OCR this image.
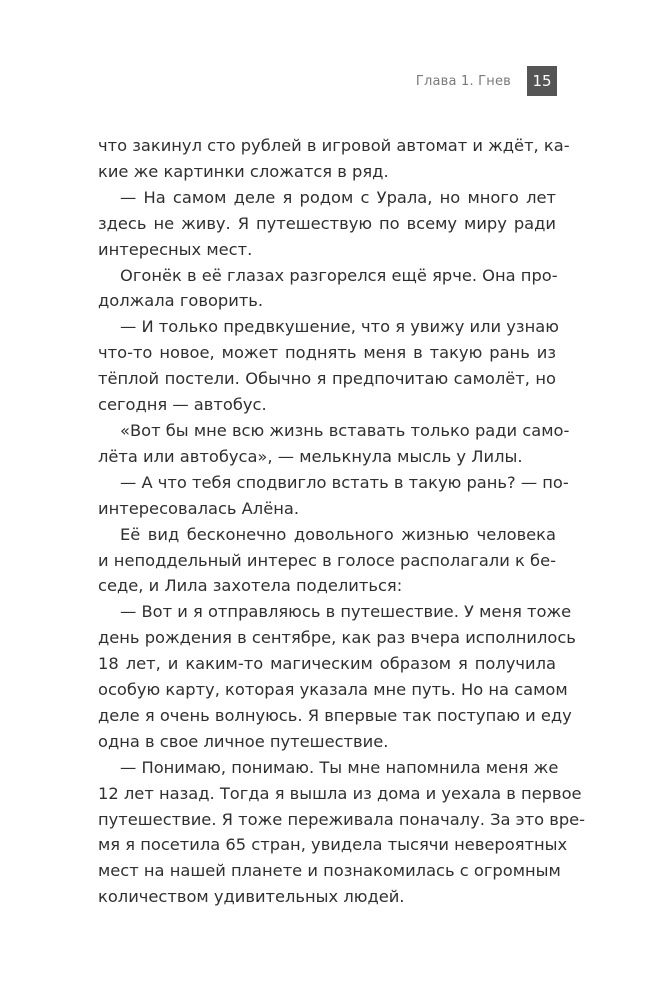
Глава 1. Гнев	15
что закинул сто рублей в игровой автомат и ждёт, ка-
кие же картинки сложатся в ряд.
— На самом деле я родом с Урала, но много лет
здесь не живу. Я путешествую по всему миру ради
интересных мест.
Огонёк в её глазах разгорелся ещё ярче. Она про-
должала говорить.
— И только предвкушение, что я увижу или узнаю
что-то новое, может поднять меня в такую рань из
тёплой постели. Обычно я предпочитаю самолёт, но
сегодня — автобус.
«Вот бы мне всю жизнь вставать только ради само-
лёта или автобуса», — мелькнула мысль у Лилы.
— А что тебя сподвигло встать в такую рань? — по-
интересовалась Алёна.
Её вид бесконечно довольного жизнью человека
и неподдельный интерес в голосе располагали к бе-
седе, и Лила захотела поделиться:
— Вот и я отправляюсь в путешествие. У меня тоже
день рождения в сентябре, как раз вчера исполнилось
18 лет, и каким-то магическим образом я получила
особую карту, которая указала мне путь. Но на самом
деле я очень волнуюсь. Я впервые так поступаю и еду
одна в свое личное путешествие.
— Понимаю, понимаю. Ты мне напомнила меня же
12 лет назад. Тогда я вышла из дома и уехала в первое
путешествие. Я тоже переживала поначалу. За это вре-
мя я посетила 65 стран, увидела тысячи невероятных
мест на нашей планете и познакомилась с огромным
количеством удивительных людей.
